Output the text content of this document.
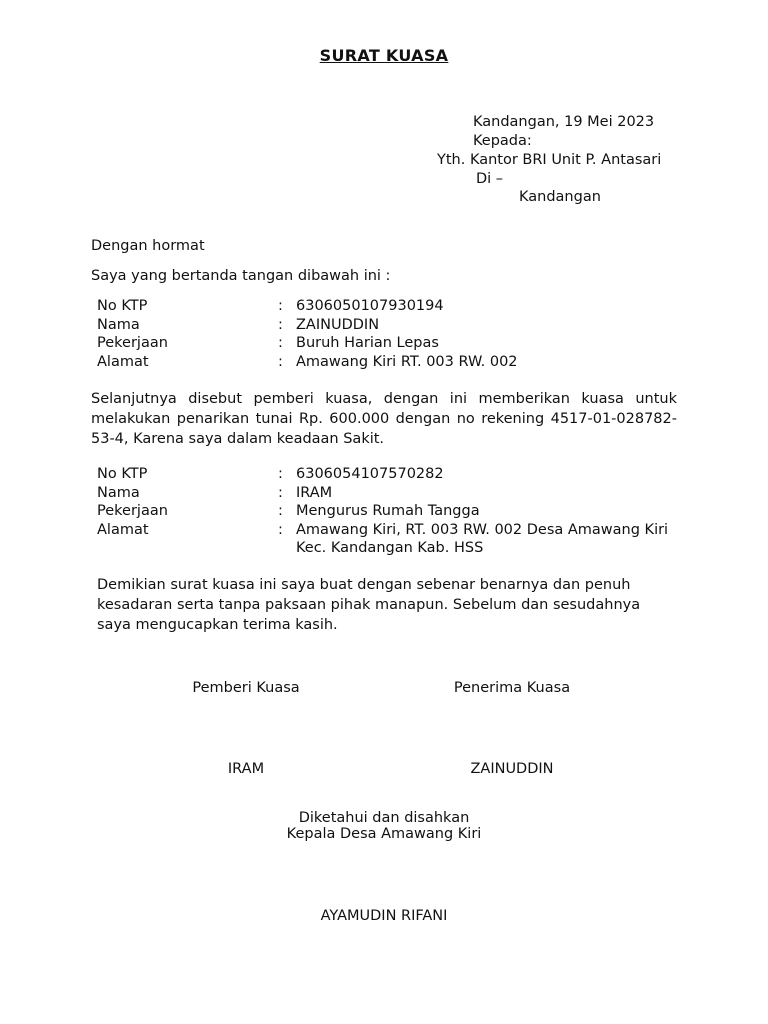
SURAT KUASA
Kandangan, 19 Mei 2023
Kepada:
Yth. Kantor BRI Unit P. Antasari
Di –
Kandangan
Dengan hormat
Saya yang bertanda tangan dibawah ini :
No KTP	:	6306050107930194
Nama	:	ZAINUDDIN
Pekerjaan	:	Buruh Harian Lepas
Alamat	:	Amawang Kiri RT. 003 RW. 002
Selanjutnya disebut pemberi kuasa, dengan ini memberikan kuasa untuk melakukan penarikan tunai Rp. 600.000 dengan no rekening 4517-01-028782-53-4, Karena saya dalam keadaan Sakit.
No KTP	:	6306054107570282
Nama	:	IRAM
Pekerjaan	:	Mengurus Rumah Tangga
Alamat	:	Amawang Kiri, RT. 003 RW. 002 Desa Amawang Kiri Kec. Kandangan Kab. HSS
Demikian surat kuasa ini saya buat dengan sebenar benarnya dan penuh kesadaran serta tanpa paksaan pihak manapun. Sebelum dan sesudahnya saya mengucapkan terima kasih.
Pemberi Kuasa	Penerima Kuasa
IRAM	ZAINUDDIN
Diketahui dan disahkan
Kepala Desa Amawang Kiri
AYAMUDIN RIFANI
